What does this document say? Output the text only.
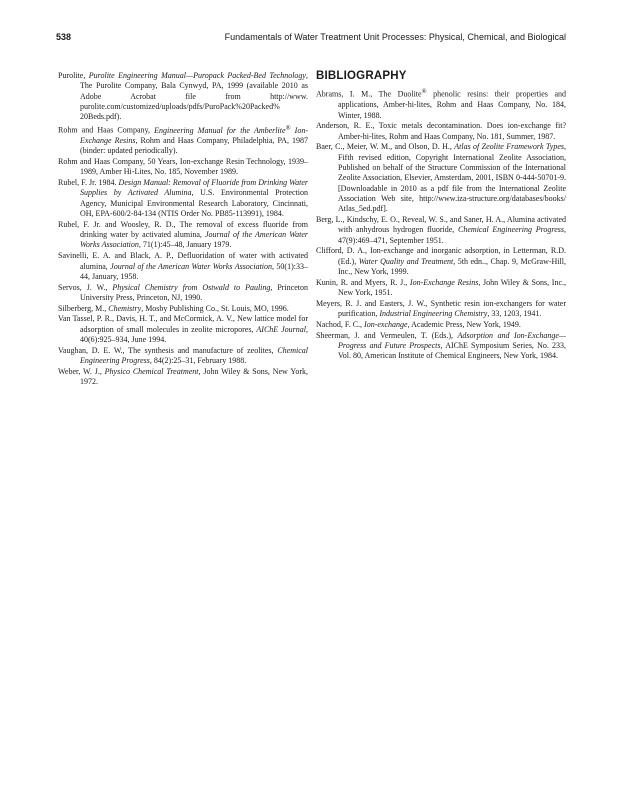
538	Fundamentals of Water Treatment Unit Processes: Physical, Chemical, and Biological

Purolite, Purolite Engineering Manual—Puropack Packed-Bed Technology, The Purolite Company, Bala Cynwyd, PA, 1999 (available 2010 as Adobe Acrobat file from http://www. purolite.com/customized/uploads/pdfs/PuroPack%20Packed% 20Beds.pdf).

Rohm and Haas Company, Engineering Manual for the Amberlite® Ion-Exchange Resins, Rohm and Haas Company, Philadelphia, PA, 1987 (binder: updated periodically).

Rohm and Haas Company, 50 Years, Ion-exchange Resin Technology, 1939–1989, Amber Hi-Lites, No. 185, November 1989.

Rubel, F. Jr. 1984. Design Manual: Removal of Fluoride from Drinking Water Supplies by Activated Alumina, U.S. Environmental Protection Agency, Municipal Environmental Research Laboratory, Cincinnati, OH, EPA-600/2-84-134 (NTIS Order No. PB85-113991), 1984.

Rubel, F. Jr. and Woosley, R. D., The removal of excess fluoride from drinking water by activated alumina, Journal of the American Water Works Association, 71(1):45–48, January 1979.

Savinelli, E. A. and Black, A. P., Defluoridation of water with activated alumina, Journal of the American Water Works Association, 50(1):33–44, January, 1958.

Servos, J. W., Physical Chemistry from Ostwald to Pauling, Princeton University Press, Princeton, NJ, 1990.

Silberberg, M., Chemistry, Mosby Publishing Co., St. Louis, MO, 1996.

Van Tassel, P. R., Davis, H. T., and McCormick, A. V., New lattice model for adsorption of small molecules in zeolite micropores, AIChE Journal, 40(6):925–934, June 1994.

Vaughan, D. E. W., The synthesis and manufacture of zeolites, Chemical Engineering Progress, 84(2):25–31, February 1988.

Weber, W. J., Physico Chemical Treatment, John Wiley & Sons, New York, 1972.

BIBLIOGRAPHY

Abrams, I. M., The Duolite® phenolic resins: their properties and applications, Amber-hi-lites, Rohm and Haas Company, No. 184, Winter, 1988.

Anderson, R. E., Toxic metals decontamination. Does ion-exchange fit? Amber-hi-lites, Rohm and Haas Company, No. 181, Summer, 1987.

Baer, C., Meier, W. M., and Olson, D. H., Atlas of Zeolite Framework Types, Fifth revised edition, Copyright International Zeolite Association, Published on behalf of the Structure Commission of the International Zeolite Association, Elsevier, Amsterdam, 2001, ISBN 0-444-50701-9. [Downloadable in 2010 as a pdf file from the International Zeolite Association Web site, http://www.iza-structure.org/databases/books/ Atlas_5ed.pdf].

Berg, L., Kindschy, E. O., Reveal, W. S., and Saner, H. A., Alumina activated with anhydrous hydrogen fluoride, Chemical Engineering Progress, 47(9):469–471, September 1951.

Clifford, D. A., Ion-exchange and inorganic adsorption, in Letterman, R.D. (Ed.), Water Quality and Treatment, 5th edn.., Chap. 9, McGraw-Hill, Inc., New York, 1999.

Kunin, R. and Myers, R. J., Ion-Exchange Resins, John Wiley & Sons, Inc., New York, 1951.

Meyers, R. J. and Easters, J. W., Synthetic resin ion-exchangers for water purification, Industrial Engineering Chemistry, 33, 1203, 1941.

Nachod, F. C., Ion-exchange, Academic Press, New York, 1949.

Sheerman, J. and Vermeulen, T. (Eds.), Adsorption and Ion-Exchange—Progress and Future Prospects, AIChE Symposium Series, No. 233, Vol. 80, American Institute of Chemical Engineers, New York, 1984.
